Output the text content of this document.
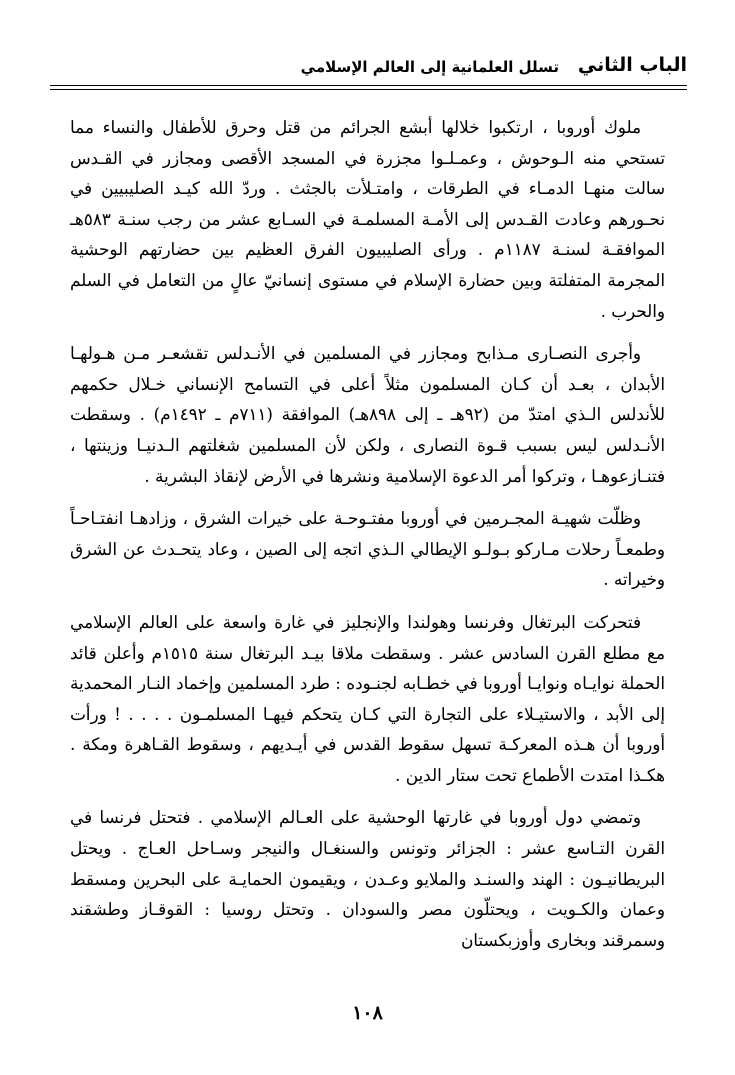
الباب الثاني
تسلل العلمانية إلى العالم الإسلامي

ملوك أوروبا ، ارتكبوا خلالها أبشع الجرائم من قتل وحرق للأطفال والنساء مما تستحي منه الـوحوش ، وعمـلـوا مجزرة في المسجد الأقصى ومجازر في القـدس سالت منهـا الدمـاء في الطرقات ، وامتـلأت بالجثث . وردّ الله كيـد الصليبيين في نحـورهم وعادت القـدس إلى الأمـة المسلمـة في السـابع عشر من رجب سنـة ٥٨٣هـ الموافقـة لسنـة ١١٨٧م . ورأى الصليبيون الفرق العظيم بين حضارتهم الوحشية المجرمة المتفلتة وبين حضارة الإسلام في مستوى إنسانيّ عالٍ من التعامل في السلم والحرب .

وأجرى النصـارى مـذابح ومجازر في المسلمين في الأنـدلس تقشعـر مـن هـولهـا الأبدان ، بعـد أن كـان المسلمون مثلاً أعلى في التسامح الإنساني خـلال حكمهم للأندلس الـذي امتدّ من (٩٢هـ ـ إلى ٨٩٨هـ) الموافقة (٧١١م ـ ١٤٩٢م) . وسقطت الأنـدلس ليس بسبب قـوة النصارى ، ولكن لأن المسلمين شغلتهم الـدنيـا وزينتها ، فتنـازعوهـا ، وتركوا أمر الدعوة الإسلامية ونشرها في الأرض لإنقاذ البشرية .

وظلّت شهيـة المجـرمين في أوروبا مفتـوحـة على خيرات الشرق ، وزادهـا انفتـاحـاً وطمعـاً رحلات مـاركو بـولـو الإيطالي الـذي اتجه إلى الصين ، وعاد يتحـدث عن الشرق وخيراته .

فتحركت البرتغال وفرنسا وهولندا والإنجليز في غارة واسعة على العالم الإسلامي مع مطلع القرن السادس عشر . وسقطت ملاقا بيـد البرتغال سنة ١٥١٥م وأعلن قائد الحملة نوايـاه ونوايـا أوروبا في خطـابه لجنـوده : طرد المسلمين وإخماد النـار المحمدية إلى الأبد ، والاستيـلاء على التجارة التي كـان يتحكم فيهـا المسلمـون . . . . ! ورأت أوروبا أن هـذه المعركـة تسهل سقوط القدس في أيـديهم ، وسقوط القـاهرة ومكة . هكـذا امتدت الأطماع تحت ستار الدين .

وتمضي دول أوروبا في غارتها الوحشية على العـالم الإسلامي . فتحتل فرنسا في القرن التـاسع عشر : الجزائر وتونس والسنغـال والنيجر وسـاحل العـاج . ويحتل البريطانيـون : الهند والسنـد والملايو وعـدن ، ويقيمون الحمايـة على البحرين ومسقط وعمان والكـويت ، ويحتلّون مصر والسودان . وتحتل روسيا : القوقـاز وطشقند وسمرقند وبخارى وأوزبكستان

١٠٨
